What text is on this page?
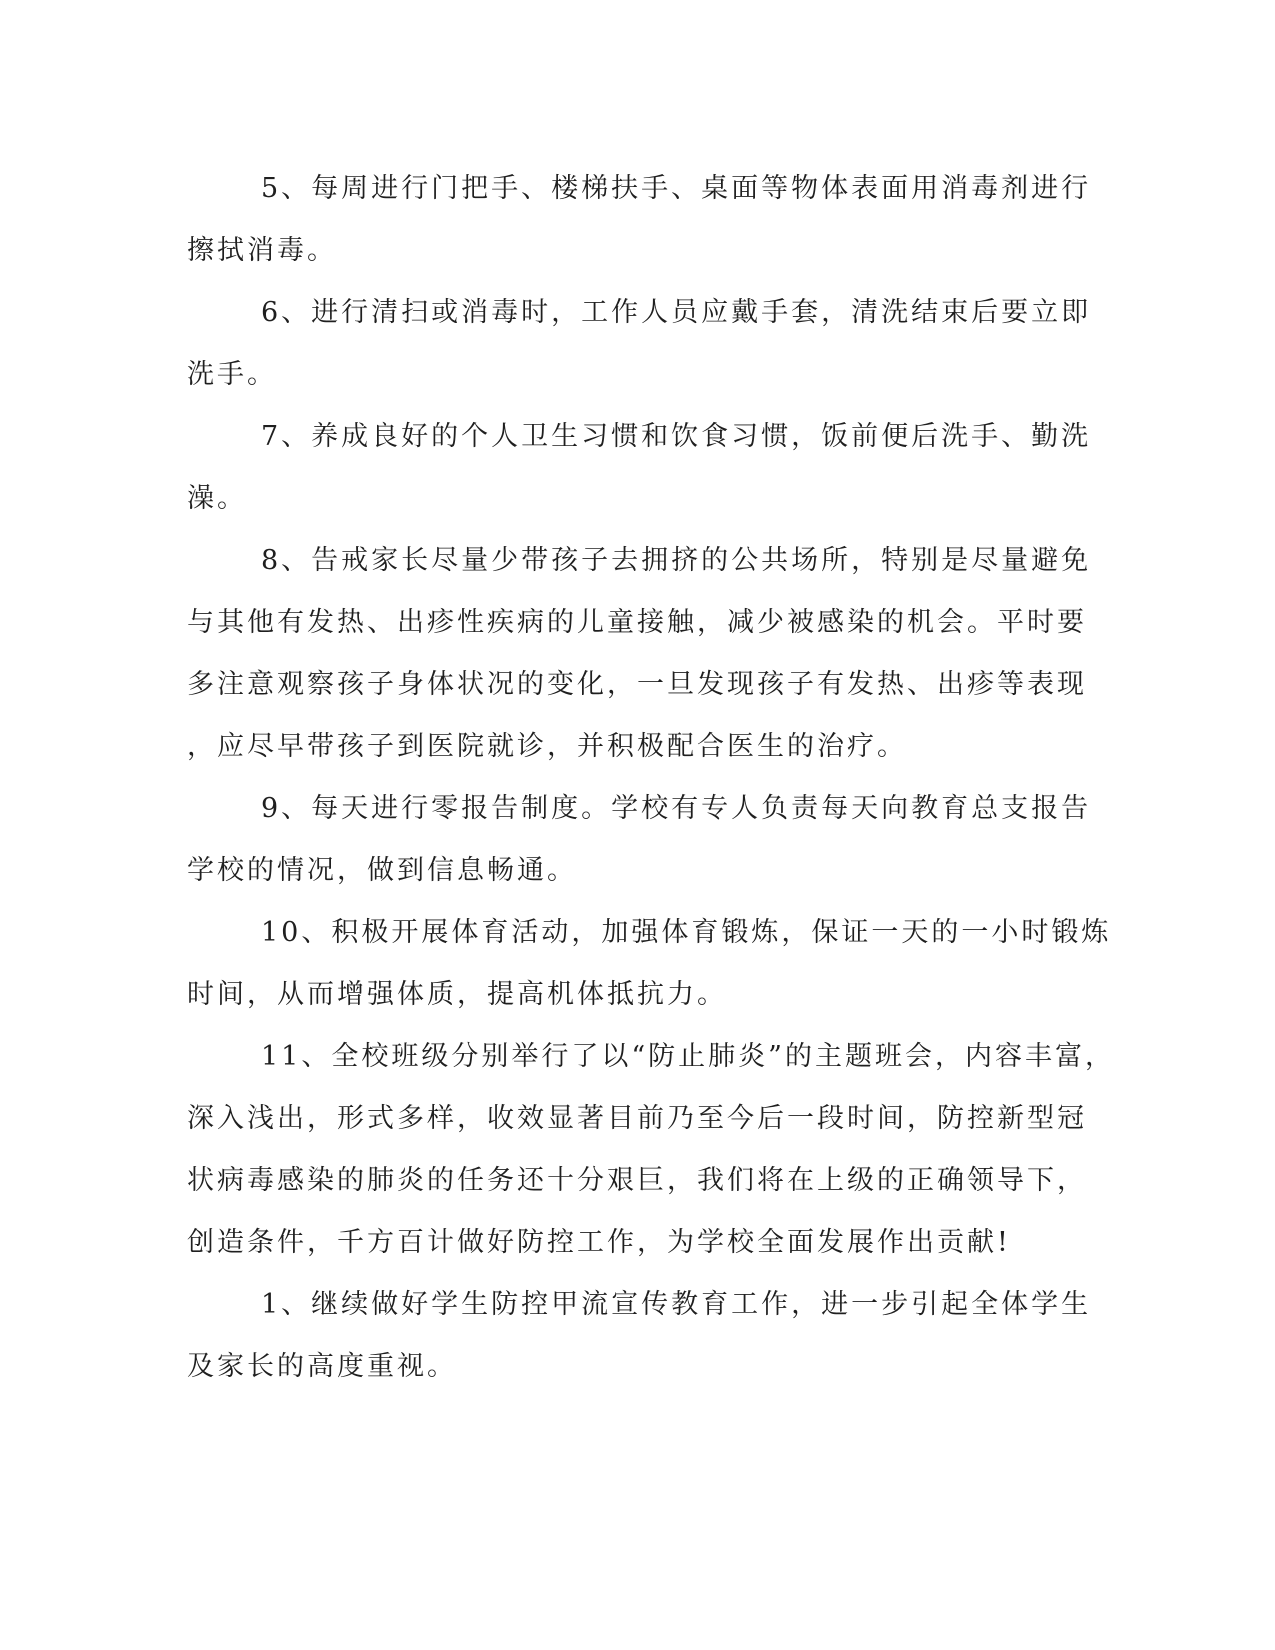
5、每周进行门把手、楼梯扶手、桌面等物体表面用消毒剂进行
擦拭消毒。

6、进行清扫或消毒时，工作人员应戴手套，清洗结束后要立即
洗手。

7、养成良好的个人卫生习惯和饮食习惯，饭前便后洗手、勤洗
澡。

8、告戒家长尽量少带孩子去拥挤的公共场所，特别是尽量避免
与其他有发热、出疹性疾病的儿童接触，减少被感染的机会。平时要
多注意观察孩子身体状况的变化，一旦发现孩子有发热、出疹等表现
，应尽早带孩子到医院就诊，并积极配合医生的治疗。

9、每天进行零报告制度。学校有专人负责每天向教育总支报告
学校的情况，做到信息畅通。

10、积极开展体育活动，加强体育锻炼，保证一天的一小时锻炼
时间，从而增强体质，提高机体抵抗力。

11、全校班级分别举行了以“防止肺炎”的主题班会，内容丰富，
深入浅出，形式多样，收效显著目前乃至今后一段时间，防控新型冠
状病毒感染的肺炎的任务还十分艰巨，我们将在上级的正确领导下，
创造条件，千方百计做好防控工作，为学校全面发展作出贡献!

1、继续做好学生防控甲流宣传教育工作，进一步引起全体学生
及家长的高度重视。
